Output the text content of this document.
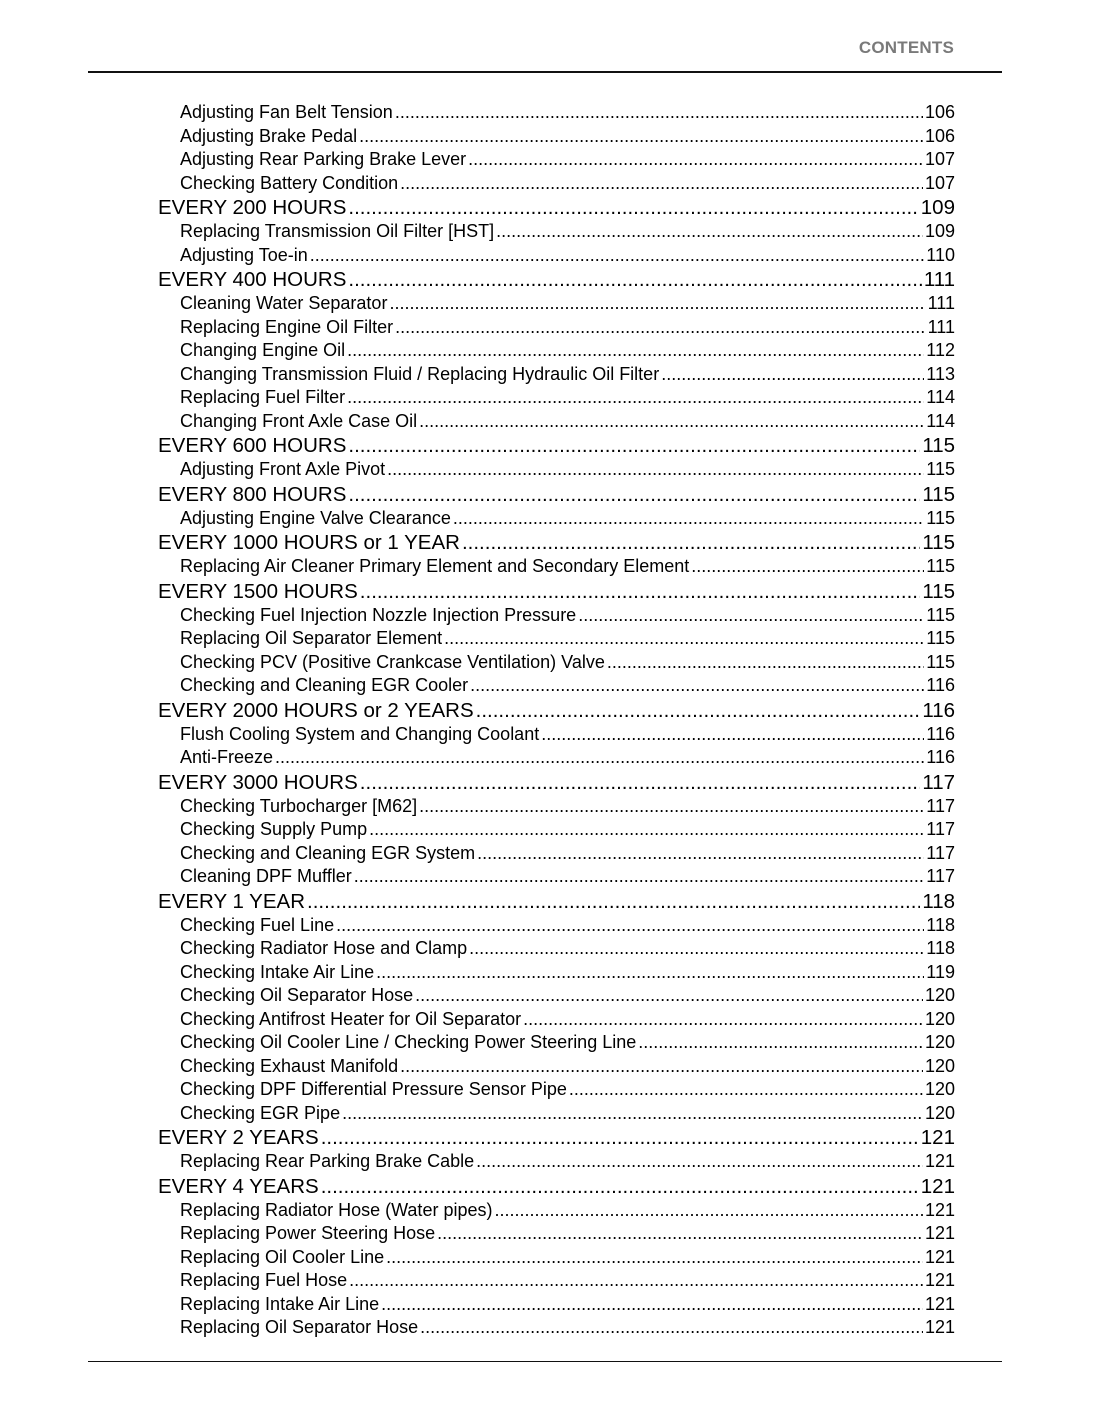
CONTENTS
Adjusting Fan Belt Tension .....	106
Adjusting Brake Pedal .....	106
Adjusting Rear Parking Brake Lever .....	107
Checking Battery Condition .....	107
EVERY 200 HOURS .....	109
Replacing Transmission Oil Filter [HST] .....	109
Adjusting Toe-in .....	110
EVERY 400 HOURS .....	111
Cleaning Water Separator .....	111
Replacing Engine Oil Filter .....	111
Changing Engine Oil .....	112
Changing Transmission Fluid / Replacing Hydraulic Oil Filter .....	113
Replacing Fuel Filter .....	114
Changing Front Axle Case Oil .....	114
EVERY 600 HOURS .....	115
Adjusting Front Axle Pivot .....	115
EVERY 800 HOURS .....	115
Adjusting Engine Valve Clearance .....	115
EVERY 1000 HOURS or 1 YEAR .....	115
Replacing Air Cleaner Primary Element and Secondary Element .....	115
EVERY 1500 HOURS .....	115
Checking Fuel Injection Nozzle Injection Pressure .....	115
Replacing Oil Separator Element .....	115
Checking PCV (Positive Crankcase Ventilation) Valve .....	115
Checking and Cleaning EGR Cooler .....	116
EVERY 2000 HOURS or 2 YEARS .....	116
Flush Cooling System and Changing Coolant .....	116
Anti-Freeze .....	116
EVERY 3000 HOURS .....	117
Checking Turbocharger [M62] .....	117
Checking Supply Pump .....	117
Checking and Cleaning EGR System .....	117
Cleaning DPF Muffler .....	117
EVERY 1 YEAR .....	118
Checking Fuel Line .....	118
Checking Radiator Hose and Clamp .....	118
Checking Intake Air Line .....	119
Checking Oil Separator Hose .....	120
Checking Antifrost Heater for Oil Separator .....	120
Checking Oil Cooler Line / Checking Power Steering Line .....	120
Checking Exhaust Manifold .....	120
Checking DPF Differential Pressure Sensor Pipe .....	120
Checking EGR Pipe .....	120
EVERY 2 YEARS .....	121
Replacing Rear Parking Brake Cable .....	121
EVERY 4 YEARS .....	121
Replacing Radiator Hose (Water pipes) .....	121
Replacing Power Steering Hose .....	121
Replacing Oil Cooler Line .....	121
Replacing Fuel Hose .....	121
Replacing Intake Air Line .....	121
Replacing Oil Separator Hose .....	121
